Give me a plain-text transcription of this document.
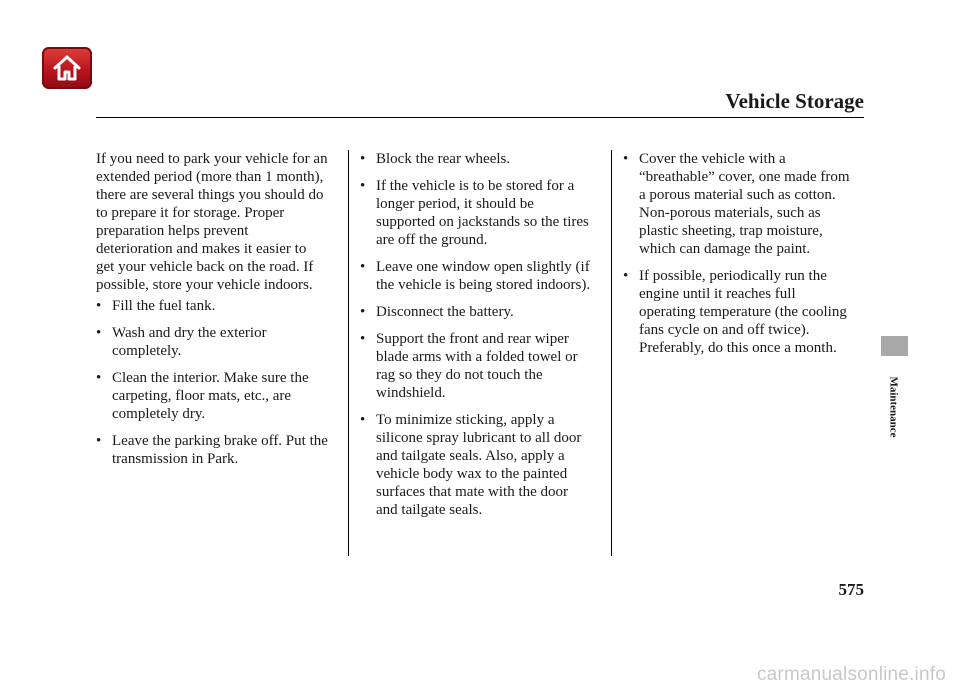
Vehicle Storage

If you need to park your vehicle for an extended period (more than 1 month), there are several things you should do to prepare it for storage. Proper preparation helps prevent deterioration and makes it easier to get your vehicle back on the road. If possible, store your vehicle indoors.

• Fill the fuel tank.
• Wash and dry the exterior completely.
• Clean the interior. Make sure the carpeting, floor mats, etc., are completely dry.
• Leave the parking brake off. Put the transmission in Park.
• Block the rear wheels.
• If the vehicle is to be stored for a longer period, it should be supported on jackstands so the tires are off the ground.
• Leave one window open slightly (if the vehicle is being stored indoors).
• Disconnect the battery.
• Support the front and rear wiper blade arms with a folded towel or rag so they do not touch the windshield.
• To minimize sticking, apply a silicone spray lubricant to all door and tailgate seals. Also, apply a vehicle body wax to the painted surfaces that mate with the door and tailgate seals.
• Cover the vehicle with a “breathable” cover, one made from a porous material such as cotton. Non-porous materials, such as plastic sheeting, trap moisture, which can damage the paint.
• If possible, periodically run the engine until it reaches full operating temperature (the cooling fans cycle on and off twice). Preferably, do this once a month.
Maintenance
575
carmanualsonline.info
